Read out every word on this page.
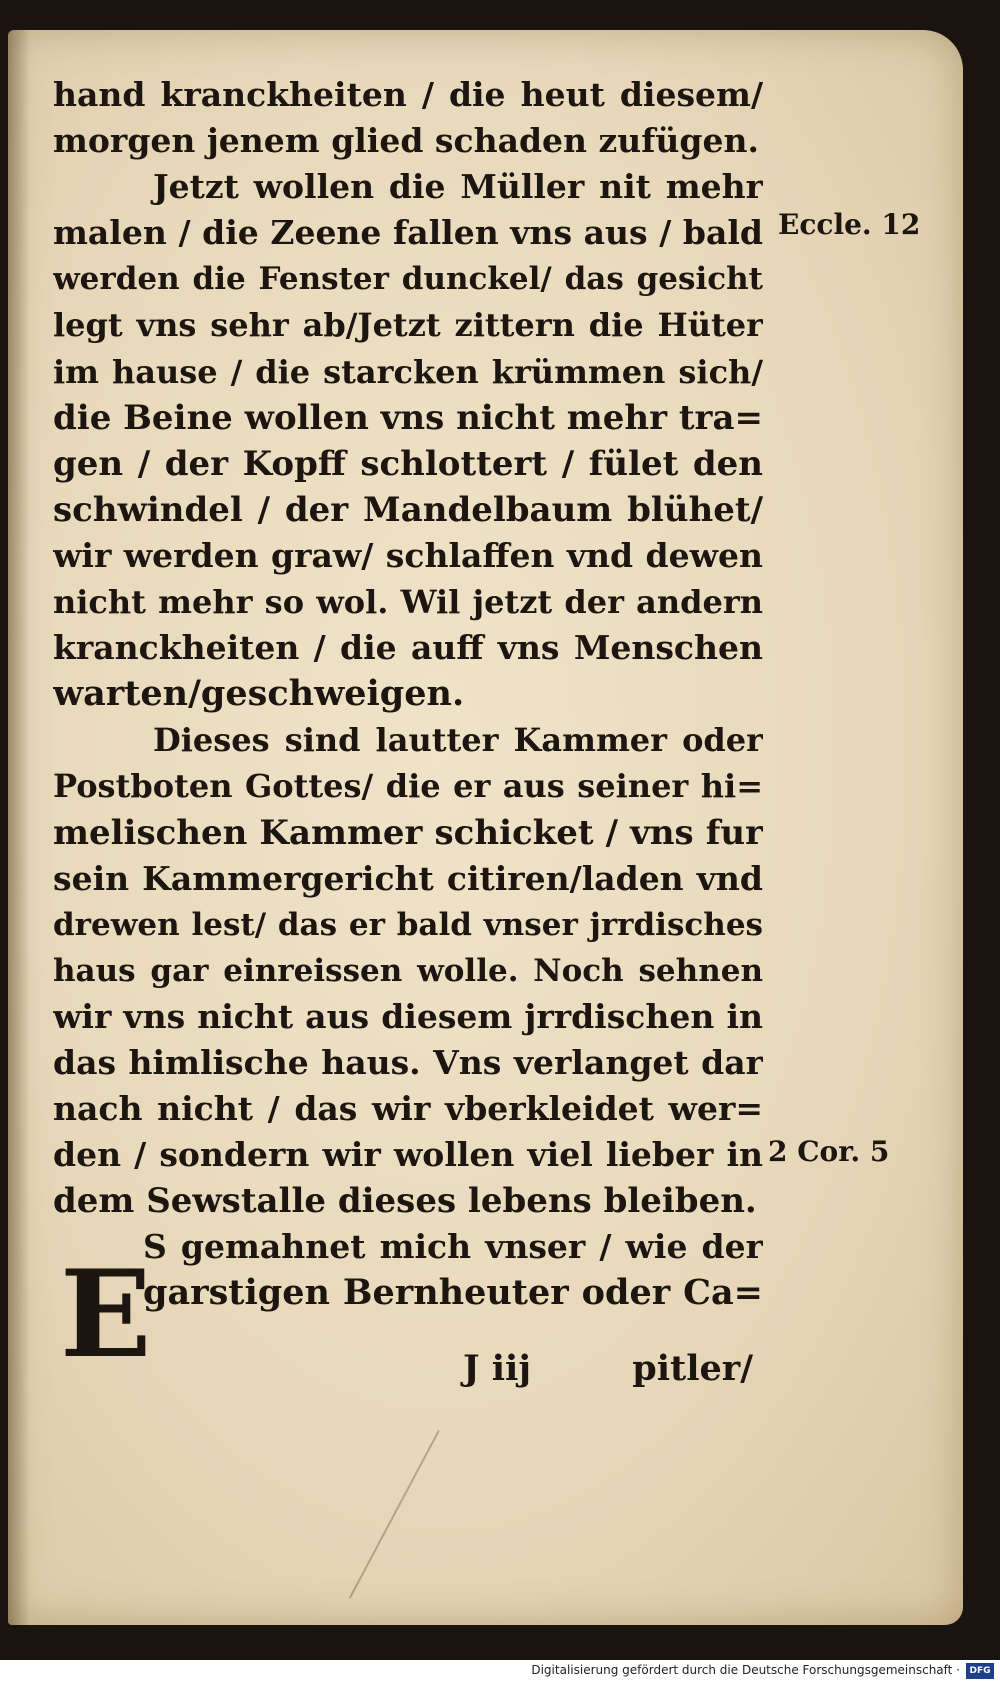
hand kranckheiten / die heut diesem/
morgen jenem glied schaden zufügen.
Jetzt wollen die Müller nit mehr
malen / die Zeene fallen vns aus / bald
werden die Fenster dunckel/ das gesicht
legt vns sehr ab/Jetzt zittern die Hüter
im hause / die starcken krümmen sich/
die Beine wollen vns nicht mehr tra=
gen / der Kopff schlottert / fület den
schwindel / der Mandelbaum blühet/
wir werden graw/ schlaffen vnd dewen
nicht mehr so wol. Wil jetzt der andern
kranckheiten / die auff vns Menschen
warten/geschweigen.
Dieses sind lautter Kammer oder
Postboten Gottes/ die er aus seiner hi=
melischen Kammer schicket / vns fur
sein Kammergericht citiren/laden vnd
drewen lest/ das er bald vnser jrrdisches
haus gar einreissen wolle. Noch sehnen
wir vns nicht aus diesem jrrdischen in
das himlische haus. Vns verlanget dar
nach nicht / das wir vberkleidet wer=
den / sondern wir wollen viel lieber in
dem Sewstalle dieses lebens bleiben.
S gemahnet mich vnser / wie der
garstigen Bernheuter oder Ca=
E	J iij	pitler/
Eccle. 12
2 Cor. 5
Digitalisierung gefördert durch die Deutsche Forschungsgemeinschaft ·	DFG
